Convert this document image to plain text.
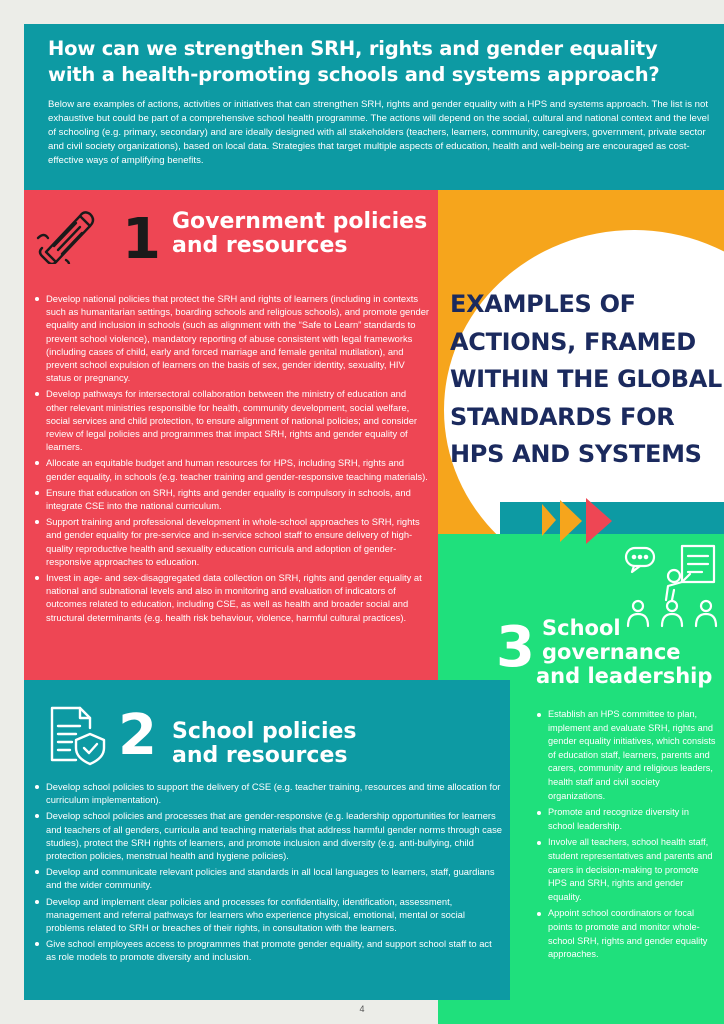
How can we strengthen SRH, rights and gender equality with a health-promoting schools and systems approach?

Below are examples of actions, activities or initiatives that can strengthen SRH, rights and gender equality with a HPS and systems approach. The list is not exhaustive but could be part of a comprehensive school health programme. The actions will depend on the social, cultural and national context and the level of schooling (e.g. primary, secondary) and are ideally designed with all stakeholders (teachers, learners, community, caregivers, government, private sector and civil society organizations), based on local data. Strategies that target multiple aspects of education, health and well-being are encouraged as cost-effective ways of amplifying benefits.

1 Government policies
and resources
Develop national policies that protect the SRH and rights of learners (including in contexts such as humanitarian settings, boarding schools and religious schools), and promote gender equality and inclusion in schools (such as alignment with the “Safe to Learn” standards to prevent school violence), mandatory reporting of abuse consistent with legal frameworks (including cases of child, early and forced marriage and female genital mutilation), and prevent school expulsion of learners on the basis of sex, gender identity, sexuality, HIV status or pregnancy.
Develop pathways for intersectoral collaboration between the ministry of education and other relevant ministries responsible for health, community development, social welfare, social services and child protection, to ensure alignment of national policies; and consider review of legal policies and programmes that impact SRH, rights and gender equality of learners.
Allocate an equitable budget and human resources for HPS, including SRH, rights and gender equality, in schools (e.g. teacher training and gender-responsive teaching materials).
Ensure that education on SRH, rights and gender equality is compulsory in schools, and integrate CSE into the national curriculum.
Support training and professional development in whole-school approaches to SRH, rights and gender equality for pre-service and in-service school staff to ensure delivery of high-quality reproductive health and sexuality education curricula and adoption of gender-responsive approaches to education.
Invest in age- and sex-disaggregated data collection on SRH, rights and gender equality at national and subnational levels and also in monitoring and evaluation of indicators of outcomes related to education, including CSE, as well as health and broader social and structural determinants (e.g. health risk behaviour, violence, harmful cultural practices).
EXAMPLES OF
ACTIONS, FRAMED
WITHIN THE GLOBAL
STANDARDS FOR
HPS AND SYSTEMS
3 School
governance
and leadership
Establish an HPS committee to plan, implement and evaluate SRH, rights and gender equality initiatives, which consists of education staff, learners, parents and carers, community and religious leaders, health staff and civil society organizations.
Promote and recognize diversity in school leadership.
Involve all teachers, school health staff, student representatives and parents and carers in decision-making to promote HPS and SRH, rights and gender equality.
Appoint school coordinators or focal points to promote and monitor whole-school SRH, rights and gender equality approaches.
2 School policies
and resources
Develop school policies to support the delivery of CSE (e.g. teacher training, resources and time allocation for curriculum implementation).
Develop school policies and processes that are gender-responsive (e.g. leadership opportunities for learners and teachers of all genders, curricula and teaching materials that address harmful gender norms through case studies), protect the SRH rights of learners, and promote inclusion and diversity (e.g. anti-bullying, child protection policies, menstrual health and hygiene policies).
Develop and communicate relevant policies and standards in all local languages to learners, staff, guardians and the wider community.
Develop and implement clear policies and processes for confidentiality, identification, assessment, management and referral pathways for learners who experience physical, emotional, mental or social problems related to SRH or breaches of their rights, in consultation with the learners.
Give school employees access to programmes that promote gender equality, and support school staff to act as role models to promote diversity and inclusion.
4
